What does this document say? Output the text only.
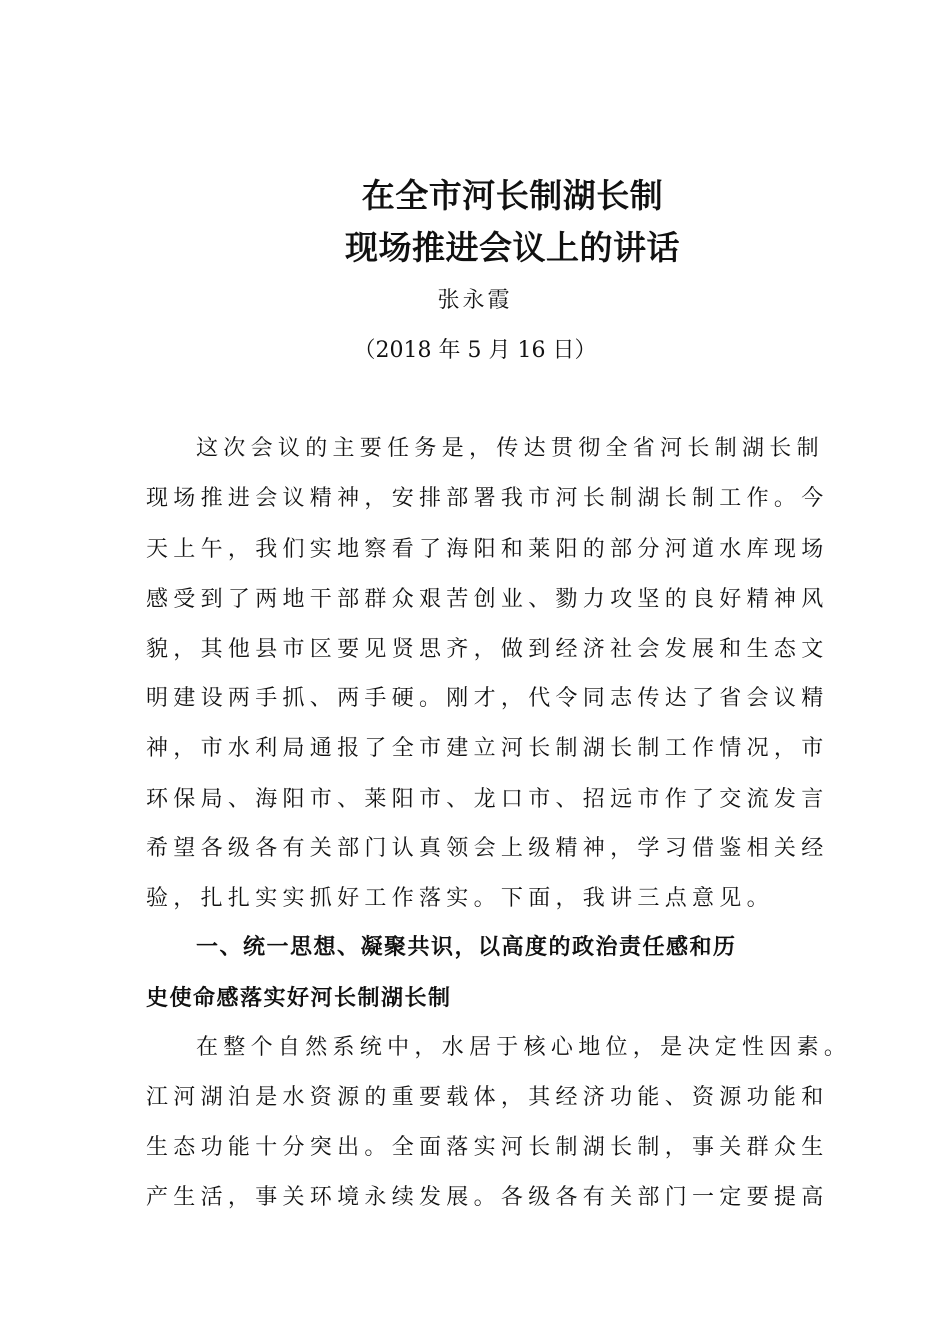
在全市河长制湖长制
现场推进会议上的讲话
张永霞
（2018 年 5 月 16 日）
这次会议的主要任务是，传达贯彻全省河长制湖长制
现场推进会议精神，安排部署我市河长制湖长制工作。今
天上午，我们实地察看了海阳和莱阳的部分河道水库现场
感受到了两地干部群众艰苦创业、勠力攻坚的良好精神风
貌，其他县市区要见贤思齐，做到经济社会发展和生态文
明建设两手抓、两手硬。刚才，代令同志传达了省会议精
神，市水利局通报了全市建立河长制湖长制工作情况，市
环保局、海阳市、莱阳市、龙口市、招远市作了交流发言
希望各级各有关部门认真领会上级精神，学习借鉴相关经
验，扎扎实实抓好工作落实。下面，我讲三点意见。
一、统一思想、凝聚共识，以高度的政治责任感和历
史使命感落实好河长制湖长制
在整个自然系统中，水居于核心地位，是决定性因素。
江河湖泊是水资源的重要载体，其经济功能、资源功能和
生态功能十分突出。全面落实河长制湖长制，事关群众生
产生活，事关环境永续发展。各级各有关部门一定要提高
